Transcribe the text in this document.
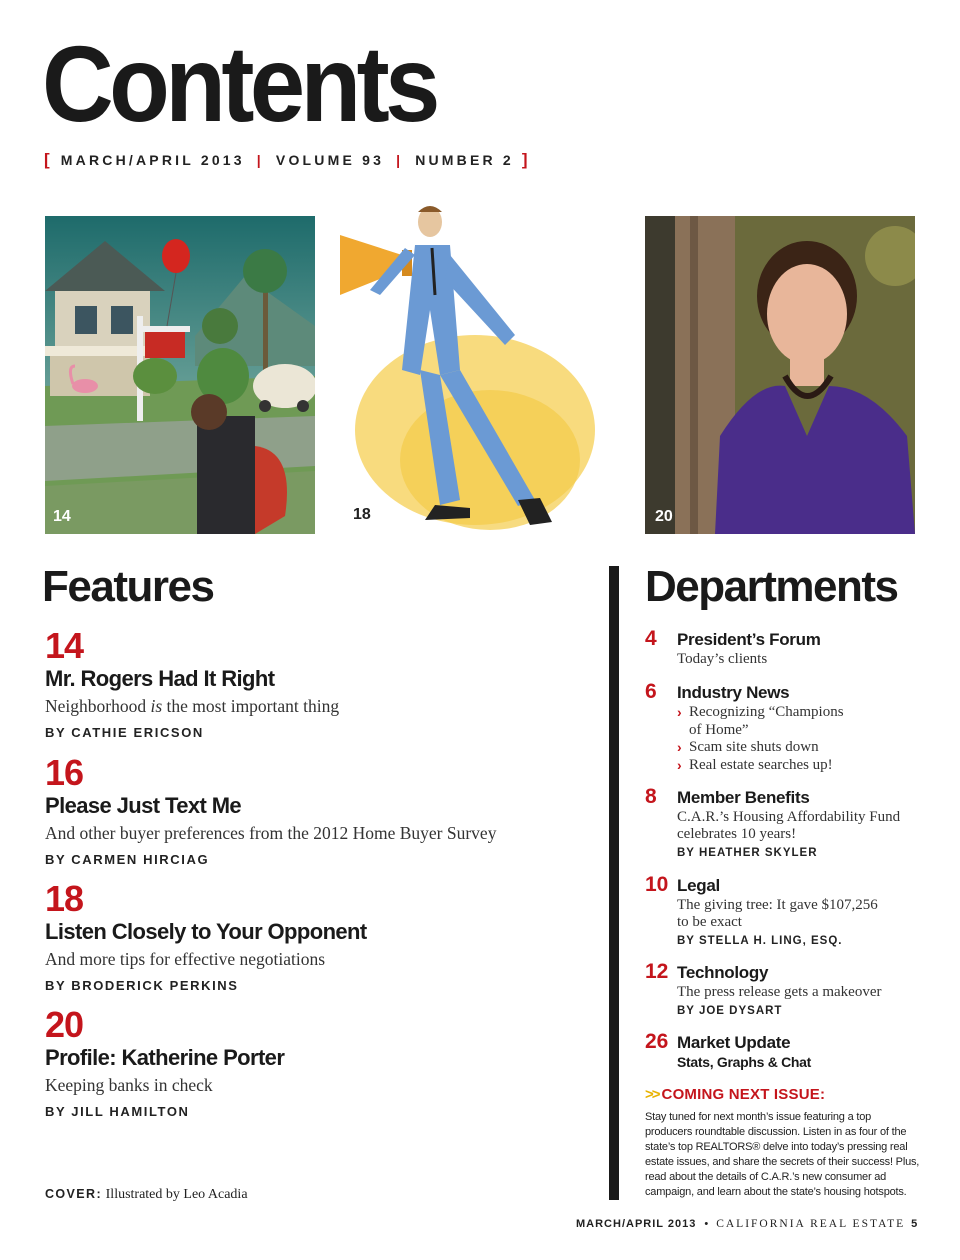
Contents
[ MARCH/APRIL 2013 | VOLUME 93 | NUMBER 2 ]
14	18	20
Features
14
Mr. Rogers Had It Right
Neighborhood is the most important thing
BY CATHIE ERICSON
16
Please Just Text Me
And other buyer preferences from the 2012 Home Buyer Survey
BY CARMEN HIRCIAG
18
Listen Closely to Your Opponent
And more tips for effective negotiations
BY BRODERICK PERKINS
20
Profile: Katherine Porter
Keeping banks in check
BY JILL HAMILTON
COVER: Illustrated by Leo Acadia
Departments
4	President’s Forum
Today’s clients
6	Industry News
› Recognizing “Champions
of Home”
› Scam site shuts down
› Real estate searches up!
8	Member Benefits
C.A.R.’s Housing Affordability Fund
celebrates 10 years!
BY HEATHER SKYLER
10 Legal
The giving tree: It gave $107,256
to be exact
BY STELLA H. LING, ESQ.
12 Technology
The press release gets a makeover
BY JOE DYSART
26 Market Update
Stats, Graphs & Chat
>> COMING NEXT ISSUE:
Stay tuned for next month’s issue featuring a top producers roundtable discussion. Listen in as four of the state’s top REALTORS® delve into today’s pressing real estate issues, and share the secrets of their success! Plus, read about the details of C.A.R.’s new consumer ad campaign, and learn about the state’s housing hotspots.
MARCH/APRIL 2013 • CALIFORNIA REAL ESTATE 5
